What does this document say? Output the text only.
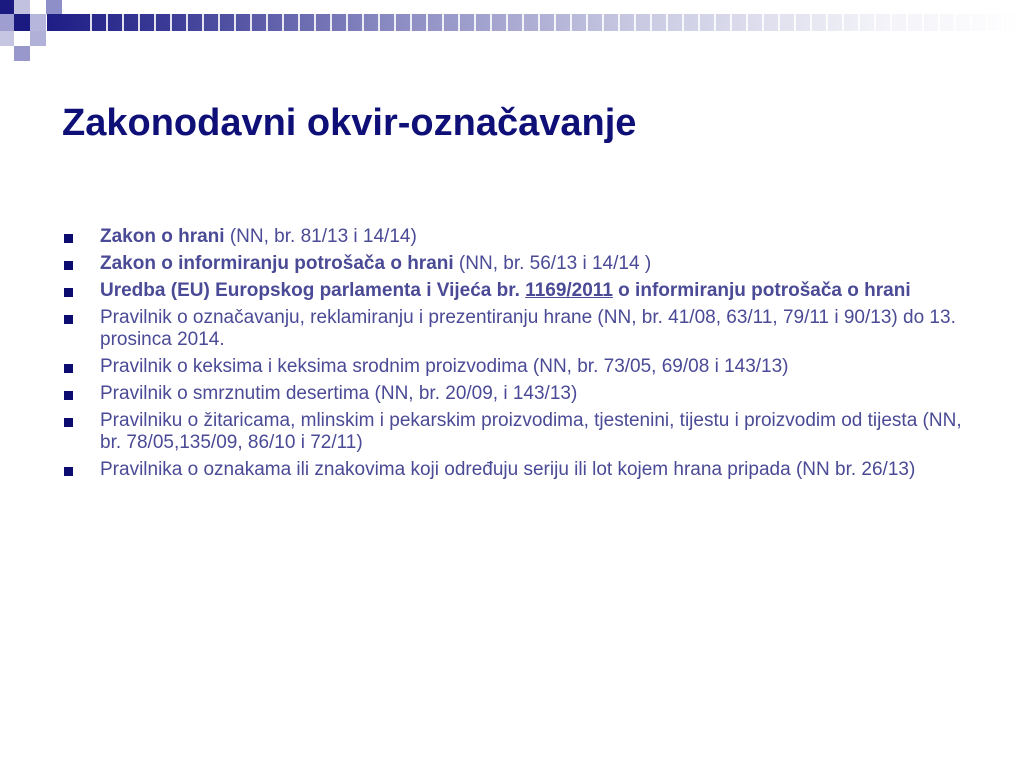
Zakonodavni okvir-označavanje
Zakon o hrani (NN, br. 81/13 i 14/14)
Zakon o informiranju potrošača o hrani (NN, br. 56/13 i 14/14 )
Uredba (EU) Europskog parlamenta i Vijeća br. 1169/2011 o informiranju potrošača o hrani
Pravilnik o označavanju, reklamiranju i prezentiranju hrane (NN, br. 41/08, 63/11, 79/11 i 90/13) do 13. prosinca 2014.
Pravilnik o keksima i keksima srodnim proizvodima (NN, br. 73/05, 69/08 i 143/13)
Pravilnik o smrznutim desertima (NN, br. 20/09, i 143/13)
Pravilniku o žitaricama, mlinskim i pekarskim proizvodima, tjestenini, tijestu i proizvodim od tijesta (NN, br. 78/05,135/09, 86/10 i 72/11)
Pravilnika o oznakama ili znakovima koji određuju seriju ili lot kojem hrana pripada (NN br. 26/13)
